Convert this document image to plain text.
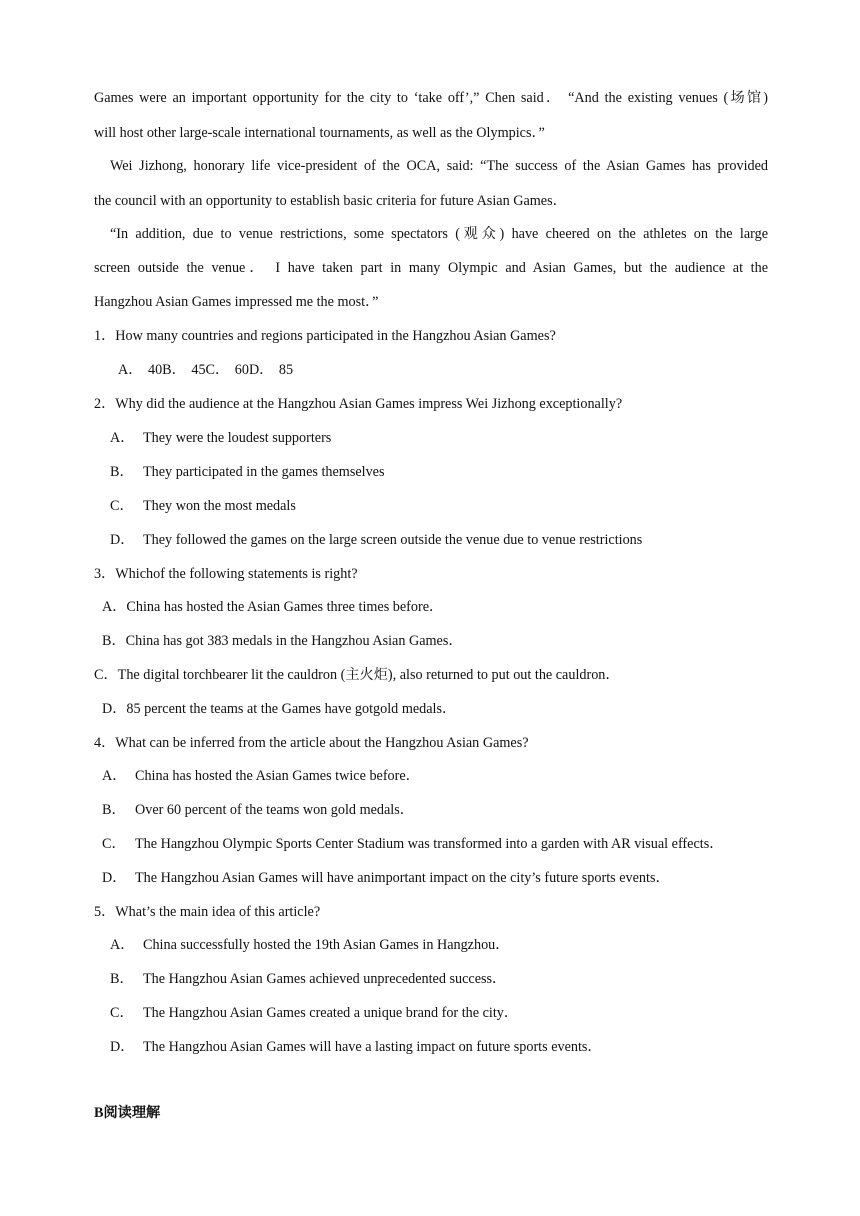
Games were an important opportunity for the city to ‘take off’,” Chen said． “And the existing venues (场馆)
will host other large-scale international tournaments, as well as the Olympics．”
Wei Jizhong, honorary life vice-president of the OCA, said: “The success of the Asian Games has provided
the council with an opportunity to establish basic criteria for future Asian Games．
“In addition, due to venue restrictions, some spectators (观众) have cheered on the athletes on the large
screen outside the venue． I have taken part in many Olympic and Asian Games, but the audience at the
Hangzhou Asian Games impressed me the most．”
1．How many countries and regions participated in the Hangzhou Asian Games?
A． 40B． 45C． 60D． 85
2．Why did the audience at the Hangzhou Asian Games impress Wei Jizhong exceptionally?
A． They were the loudest supporters
B． They participated in the games themselves
C． They won the most medals
D． They followed the games on the large screen outside the venue due to venue restrictions
3．Whichof the following statements is right?
A．China has hosted the Asian Games three times before．
B．China has got 383 medals in the Hangzhou Asian Games．
C．The digital torchbearer lit the cauldron (主火炬), also returned to put out the cauldron．
D．85 percent the teams at the Games have gotgold medals．
4．What can be inferred from the article about the Hangzhou Asian Games?
A． China has hosted the Asian Games twice before．
B． Over 60 percent of the teams won gold medals．
C． The Hangzhou Olympic Sports Center Stadium was transformed into a garden with AR visual effects．
D． The Hangzhou Asian Games will have animportant impact on the city’s future sports events．
5．What’s the main idea of this article?
A． China successfully hosted the 19th Asian Games in Hangzhou．
B． The Hangzhou Asian Games achieved unprecedented success．
C． The Hangzhou Asian Games created a unique brand for the city．
D． The Hangzhou Asian Games will have a lasting impact on future sports events．
B阅读理解
